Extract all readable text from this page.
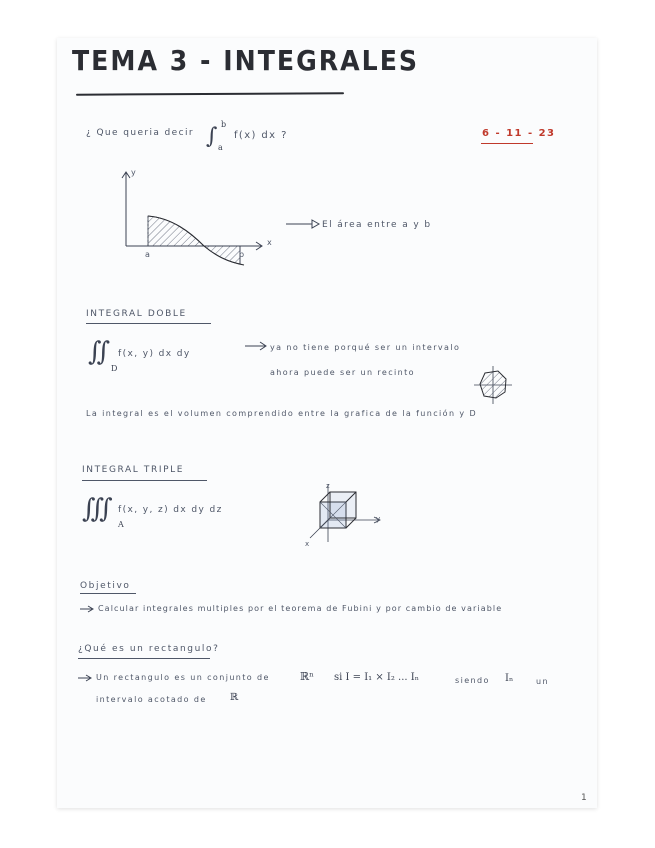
TEMA 3 - INTEGRALES
¿ Que queria decir ∫ b
a
f(x) dx ?	6 - 11 - 23
y
x
a	b
El área entre a y b
INTEGRAL DOBLE
∬
D
f(x, y) dx dy
ya no tiene porqué ser un intervalo
ahora puede ser un recinto
La integral es el volumen comprendido entre la grafica de la función y D
INTEGRAL TRIPLE
∭
A
f(x, y, z) dx dy dz
z
y
x
Objetivo
Calcular integrales multiples por el teorema de Fubini y por cambio de variable
¿Qué es un rectangulo?
Un rectangulo es un conjunto de	ℝⁿ si I = I₁ × I₂ ... Iₙ	siendo Iₙ	un
intervalo acotado de ℝ
1
